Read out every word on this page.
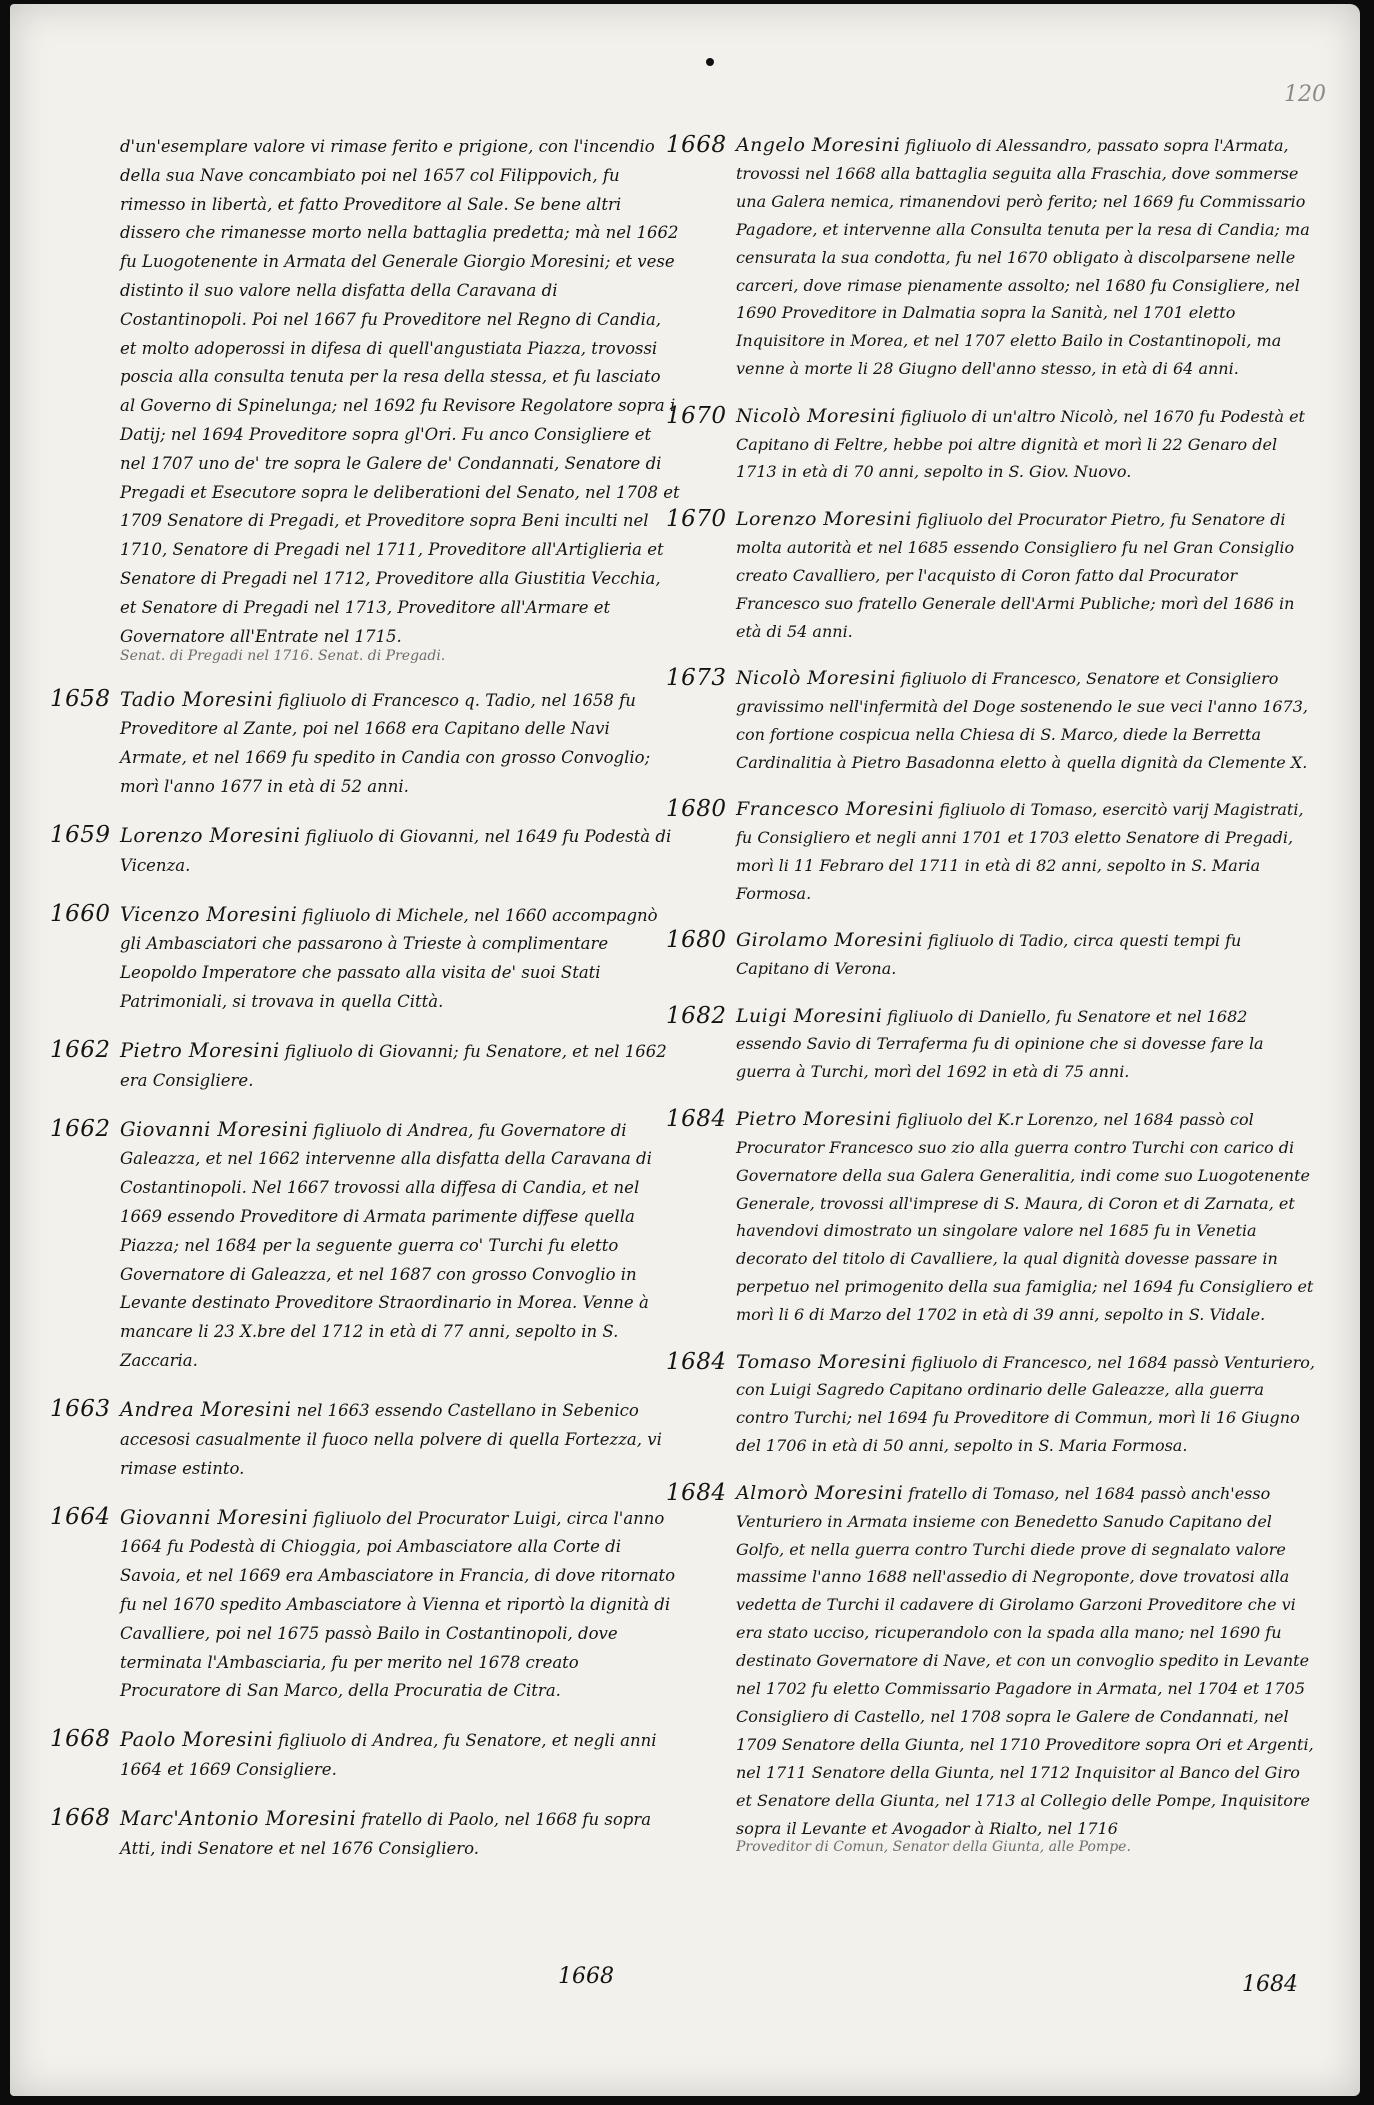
120
d'un'esemplare valore vi rimase ferito e prigione, con l'incendio della sua Nave concambiato poi nel 1657 col Filippovich, fu rimesso in libertà, et fatto Proveditore al Sale. Se bene altri dissero che rimanesse morto nella battaglia predetta; mà nel 1662 fu Luogotenente in Armata del Generale Giorgio Moresini; et vese distinto il suo valore nella disfatta della Caravana di Costantinopoli. Poi nel 1667 fu Proveditore nel Regno di Candia, et molto adoperossi in difesa di quell'angustiata Piazza, trovossi poscia alla consulta tenuta per la resa della stessa, et fu lasciato al Governo di Spinelunga; nel 1692 fu Revisore Regolatore sopra i Datij; nel 1694 Proveditore sopra gl'Ori. Fu anco Consigliere et nel 1707 uno de' tre sopra le Galere de' Condannati, Senatore di Pregadi et Esecutore sopra le deliberationi del Senato, nel 1708 et 1709 Senatore di Pregadi, et Proveditore sopra Beni inculti nel 1710, Senatore di Pregadi nel 1711, Proveditore all'Artiglieria et Senatore di Pregadi nel 1712, Proveditore alla Giustitia Vecchia, et Senatore di Pregadi nel 1713, Proveditore all'Armare et Governatore all'Entrate nel 1715.
Senat. di Pregadi nel 1716. Senat. di Pregadi.
1658 Tadio Moresini figliuolo di Francesco q. Tadio, nel 1658 fu Proveditore al Zante, poi nel 1668 era Capitano delle Navi Armate, et nel 1669 fu spedito in Candia con grosso Convoglio; morì l'anno 1677 in età di 52 anni.
1659 Lorenzo Moresini figliuolo di Giovanni, nel 1649 fu Podestà di Vicenza.
1660 Vicenzo Moresini figliuolo di Michele, nel 1660 accompagnò gli Ambasciatori che passarono à Trieste à complimentare Leopoldo Imperatore che passato alla visita de' suoi Stati Patrimoniali, si trovava in quella Città.
1662 Pietro Moresini figliuolo di Giovanni; fu Senatore, et nel 1662 era Consigliere.
1662 Giovanni Moresini figliuolo di Andrea, fu Governatore di Galeazza, et nel 1662 intervenne alla disfatta della Caravana di Costantinopoli. Nel 1667 trovossi alla diffesa di Candia, et nel 1669 essendo Proveditore di Armata parimente diffese quella Piazza; nel 1684 per la seguente guerra co' Turchi fu eletto Governatore di Galeazza, et nel 1687 con grosso Convoglio in Levante destinato Proveditore Straordinario in Morea. Venne à mancare li 23 X.bre del 1712 in età di 77 anni, sepolto in S. Zaccaria.
1663 Andrea Moresini nel 1663 essendo Castellano in Sebenico accesosi casualmente il fuoco nella polvere di quella Fortezza, vi rimase estinto.
1664 Giovanni Moresini figliuolo del Procurator Luigi, circa l'anno 1664 fu Podestà di Chioggia, poi Ambasciatore alla Corte di Savoia, et nel 1669 era Ambasciatore in Francia, di dove ritornato fu nel 1670 spedito Ambasciatore à Vienna et riportò la dignità di Cavalliere, poi nel 1675 passò Bailo in Costantinopoli, dove terminata l'Ambasciaria, fu per merito nel 1678 creato Procuratore di San Marco, della Procuratia de Citra.
1668 Paolo Moresini figliuolo di Andrea, fu Senatore, et negli anni 1664 et 1669 Consigliere.
1668 Marc'Antonio Moresini fratello di Paolo, nel 1668 fu sopra Atti, indi Senatore et nel 1676 Consigliero.
1668 Angelo Moresini figliuolo di Alessandro, passato sopra l'Armata, trovossi nel 1668 alla battaglia seguita alla Fraschia, dove sommerse una Galera nemica, rimanendovi però ferito; nel 1669 fu Commissario Pagadore, et intervenne alla Consulta tenuta per la resa di Candia; ma censurata la sua condotta, fu nel 1670 obligato à discolparsene nelle carceri, dove rimase pienamente assolto; nel 1680 fu Consigliere, nel 1690 Proveditore in Dalmatia sopra la Sanità, nel 1701 eletto Inquisitore in Morea, et nel 1707 eletto Bailo in Costantinopoli, ma venne à morte li 28 Giugno dell'anno stesso, in età di 64 anni.
1670 Nicolò Moresini figliuolo di un'altro Nicolò, nel 1670 fu Podestà et Capitano di Feltre, hebbe poi altre dignità et morì li 22 Genaro del 1713 in età di 70 anni, sepolto in S. Giov. Nuovo.
1670 Lorenzo Moresini figliuolo del Procurator Pietro, fu Senatore di molta autorità et nel 1685 essendo Consigliero fu nel Gran Consiglio creato Cavalliero, per l'acquisto di Coron fatto dal Procurator Francesco suo fratello Generale dell'Armi Publiche; morì del 1686 in età di 54 anni.
1673 Nicolò Moresini figliuolo di Francesco, Senatore et Consigliero gravissimo nell'infermità del Doge sostenendo le sue veci l'anno 1673, con fortione cospicua nella Chiesa di S. Marco, diede la Berretta Cardinalitia à Pietro Basadonna eletto à quella dignità da Clemente X.
1680 Francesco Moresini figliuolo di Tomaso, esercitò varij Magistrati, fu Consigliero et negli anni 1701 et 1703 eletto Senatore di Pregadi, morì li 11 Febraro del 1711 in età di 82 anni, sepolto in S. Maria Formosa.
1680 Girolamo Moresini figliuolo di Tadio, circa questi tempi fu Capitano di Verona.
1682 Luigi Moresini figliuolo di Daniello, fu Senatore et nel 1682 essendo Savio di Terraferma fu di opinione che si dovesse fare la guerra à Turchi, morì del 1692 in età di 75 anni.
1684 Pietro Moresini figliuolo del K.r Lorenzo, nel 1684 passò col Procurator Francesco suo zio alla guerra contro Turchi con carico di Governatore della sua Galera Generalitia, indi come suo Luogotenente Generale, trovossi all'imprese di S. Maura, di Coron et di Zarnata, et havendovi dimostrato un singolare valore nel 1685 fu in Venetia decorato del titolo di Cavalliere, la qual dignità dovesse passare in perpetuo nel primogenito della sua famiglia; nel 1694 fu Consigliero et morì li 6 di Marzo del 1702 in età di 39 anni, sepolto in S. Vidale.
1684 Tomaso Moresini figliuolo di Francesco, nel 1684 passò Venturiero, con Luigi Sagredo Capitano ordinario delle Galeazze, alla guerra contro Turchi; nel 1694 fu Proveditore di Commun, morì li 16 Giugno del 1706 in età di 50 anni, sepolto in S. Maria Formosa.
1684 Almorò Moresini fratello di Tomaso, nel 1684 passò anch'esso Venturiero in Armata insieme con Benedetto Sanudo Capitano del Golfo, et nella guerra contro Turchi diede prove di segnalato valore massime l'anno 1688 nell'assedio di Negroponte, dove trovatosi alla vedetta de Turchi il cadavere di Girolamo Garzoni Proveditore che vi era stato ucciso, ricuperandolo con la spada alla mano; nel 1690 fu destinato Governatore di Nave, et con un convoglio spedito in Levante nel 1702 fu eletto Commissario Pagadore in Armata, nel 1704 et 1705 Consigliero di Castello, nel 1708 sopra le Galere de Condannati, nel 1709 Senatore della Giunta, nel 1710 Proveditore sopra Ori et Argenti, nel 1711 Senatore della Giunta, nel 1712 Inquisitor al Banco del Giro et Senatore della Giunta, nel 1713 al Collegio delle Pompe, Inquisitore sopra il Levante et Avogador à Rialto, nel 1716
Proveditor di Comun, Senator della Giunta, alle Pompe.
1668	1684
